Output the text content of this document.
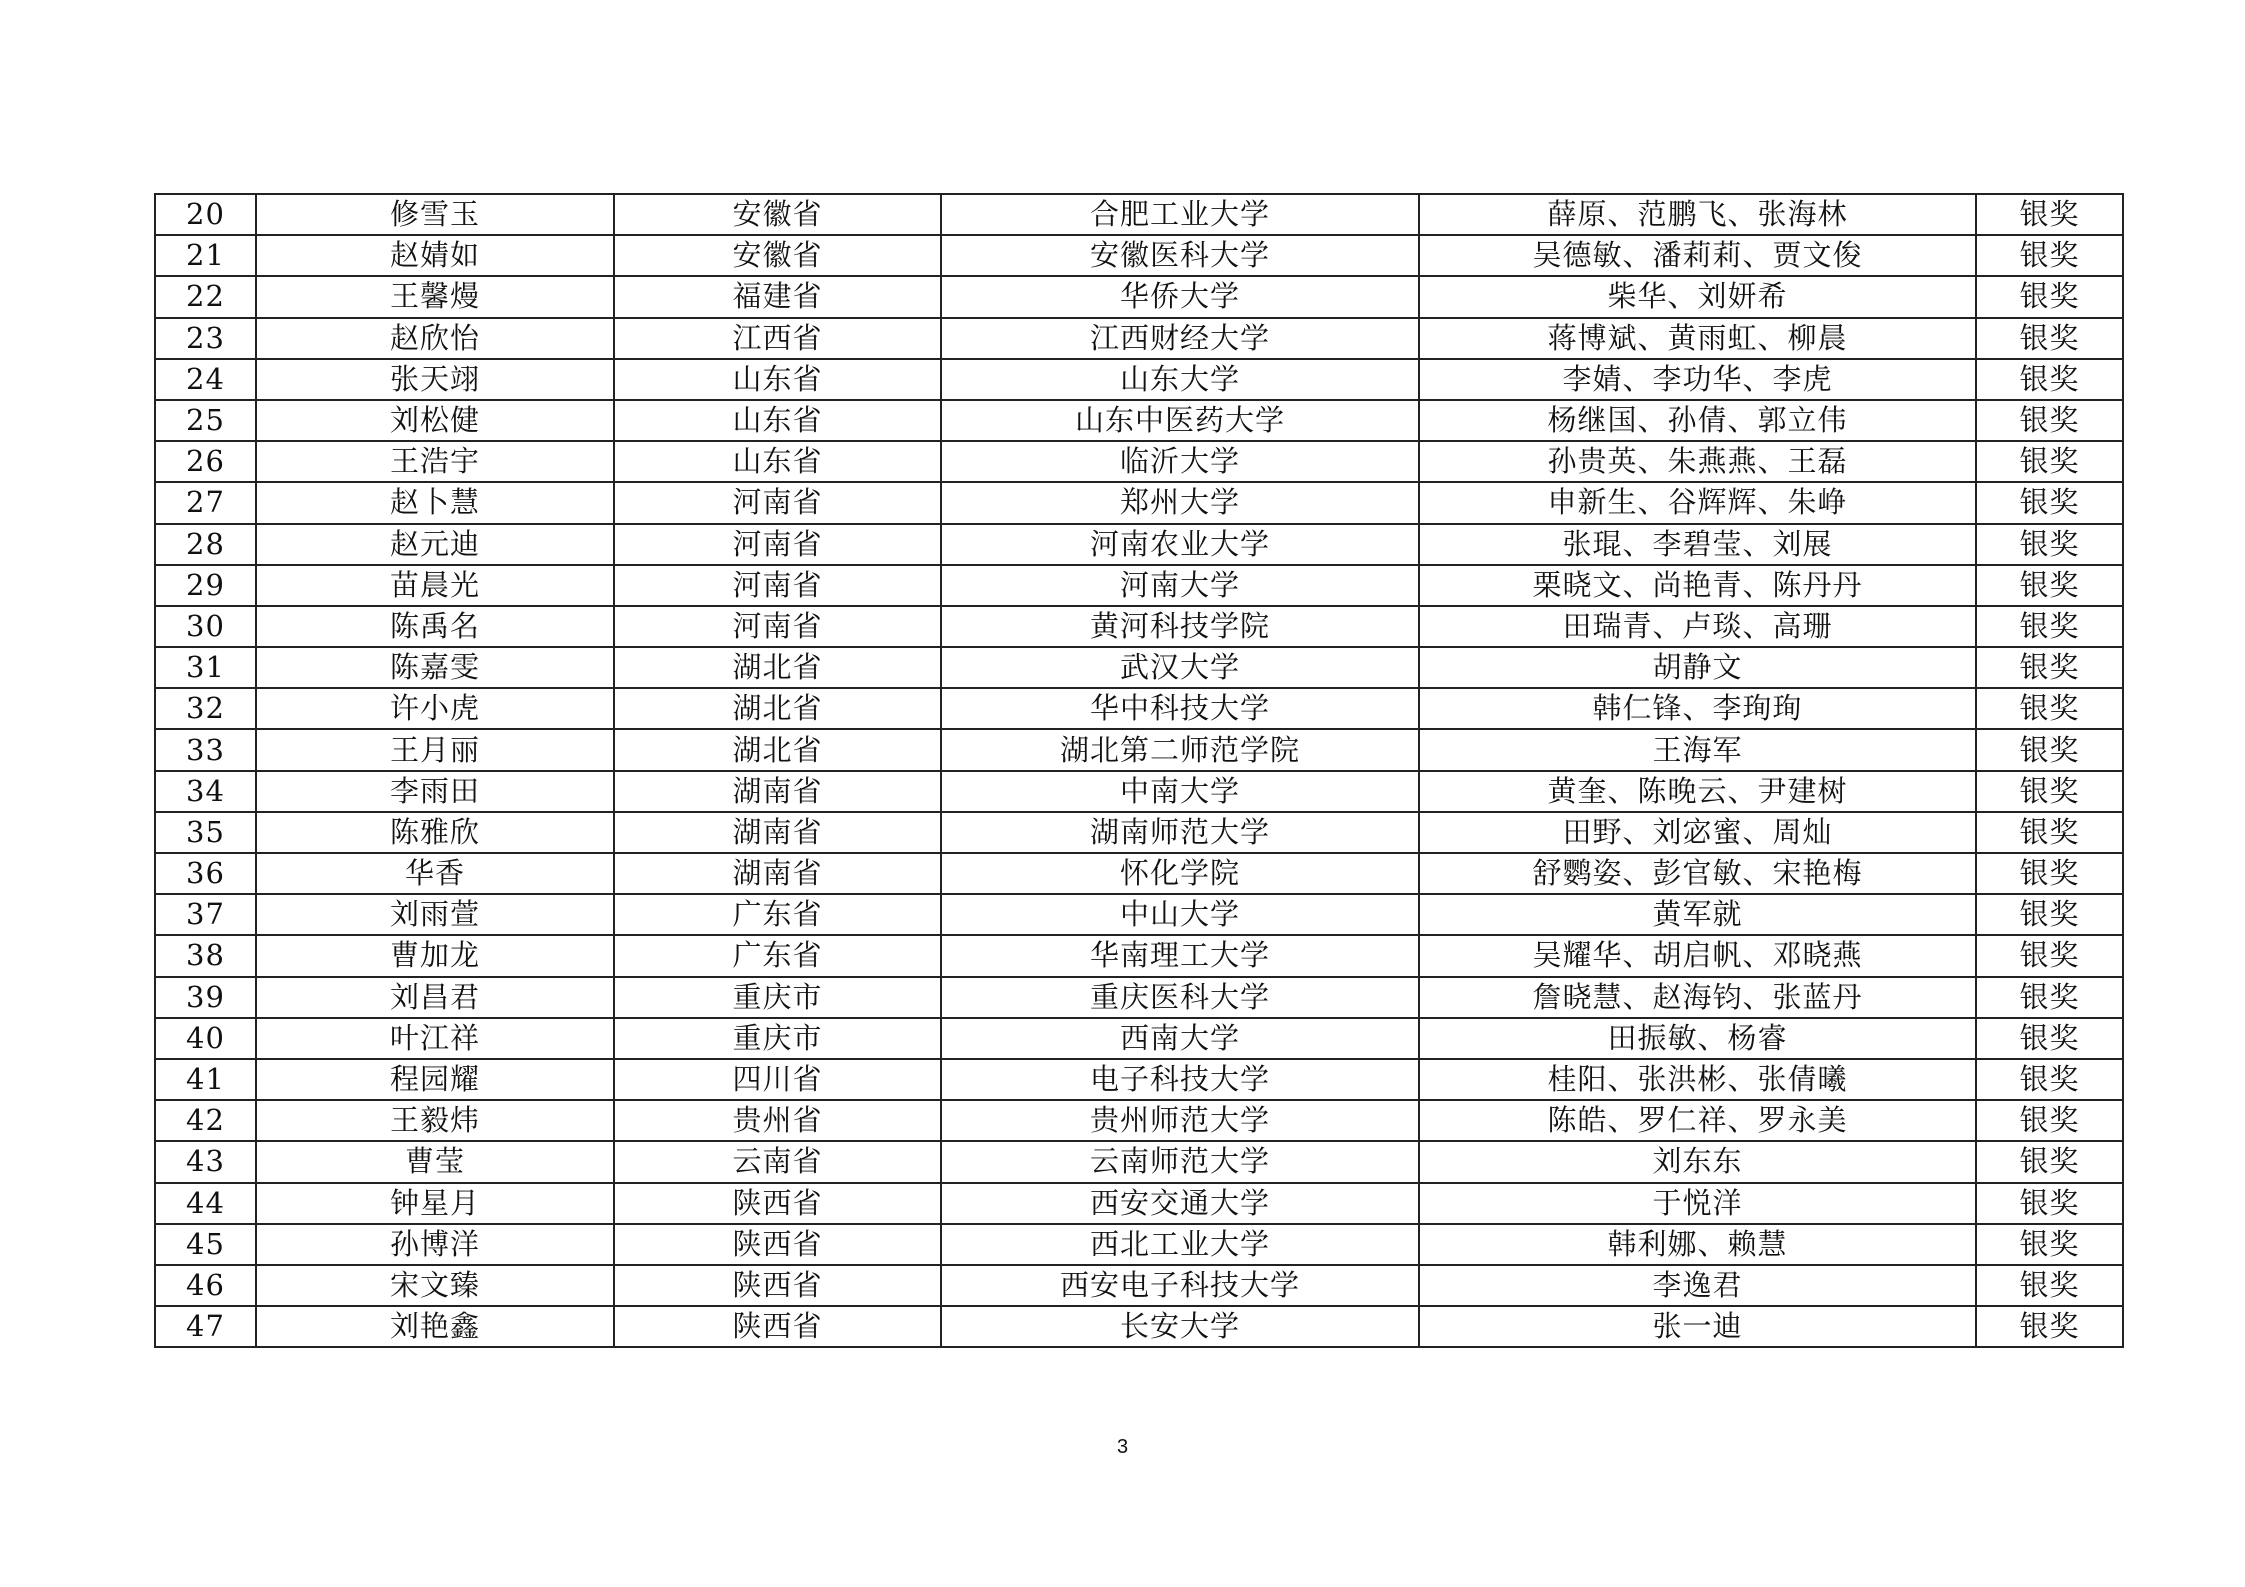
20	修雪玉	安徽省	合肥工业大学	薛原、范鹏飞、张海林	银奖
21	赵婧如	安徽省	安徽医科大学	吴德敏、潘莉莉、贾文俊	银奖
22	王馨熳	福建省	华侨大学	柴华、刘妍希	银奖
23	赵欣怡	江西省	江西财经大学	蒋博斌、黄雨虹、柳晨	银奖
24	张天翊	山东省	山东大学	李婧、李功华、李虎	银奖
25	刘松健	山东省	山东中医药大学	杨继国、孙倩、郭立伟	银奖
26	王浩宇	山东省	临沂大学	孙贵英、朱燕燕、王磊	银奖
27	赵卜慧	河南省	郑州大学	申新生、谷辉辉、朱峥	银奖
28	赵元迪	河南省	河南农业大学	张琨、李碧莹、刘展	银奖
29	苗晨光	河南省	河南大学	栗晓文、尚艳青、陈丹丹	银奖
30	陈禹名	河南省	黄河科技学院	田瑞青、卢琰、高珊	银奖
31	陈嘉雯	湖北省	武汉大学	胡静文	银奖
32	许小虎	湖北省	华中科技大学	韩仁锋、李珣珣	银奖
33	王月丽	湖北省	湖北第二师范学院	王海军	银奖
34	李雨田	湖南省	中南大学	黄奎、陈晚云、尹建树	银奖
35	陈雅欣	湖南省	湖南师范大学	田野、刘宓蜜、周灿	银奖
36	华香	湖南省	怀化学院	舒鹦姿、彭官敏、宋艳梅	银奖
37	刘雨萱	广东省	中山大学	黄军就	银奖
38	曹加龙	广东省	华南理工大学	吴耀华、胡启帆、邓晓燕	银奖
39	刘昌君	重庆市	重庆医科大学	詹晓慧、赵海钧、张蓝丹	银奖
40	叶江祥	重庆市	西南大学	田振敏、杨睿	银奖
41	程园耀	四川省	电子科技大学	桂阳、张洪彬、张倩曦	银奖
42	王毅炜	贵州省	贵州师范大学	陈皓、罗仁祥、罗永美	银奖
43	曹莹	云南省	云南师范大学	刘东东	银奖
44	钟星月	陕西省	西安交通大学	于悦洋	银奖
45	孙博洋	陕西省	西北工业大学	韩利娜、赖慧	银奖
46	宋文臻	陕西省	西安电子科技大学	李逸君	银奖
47	刘艳鑫	陕西省	长安大学	张一迪	银奖
3
